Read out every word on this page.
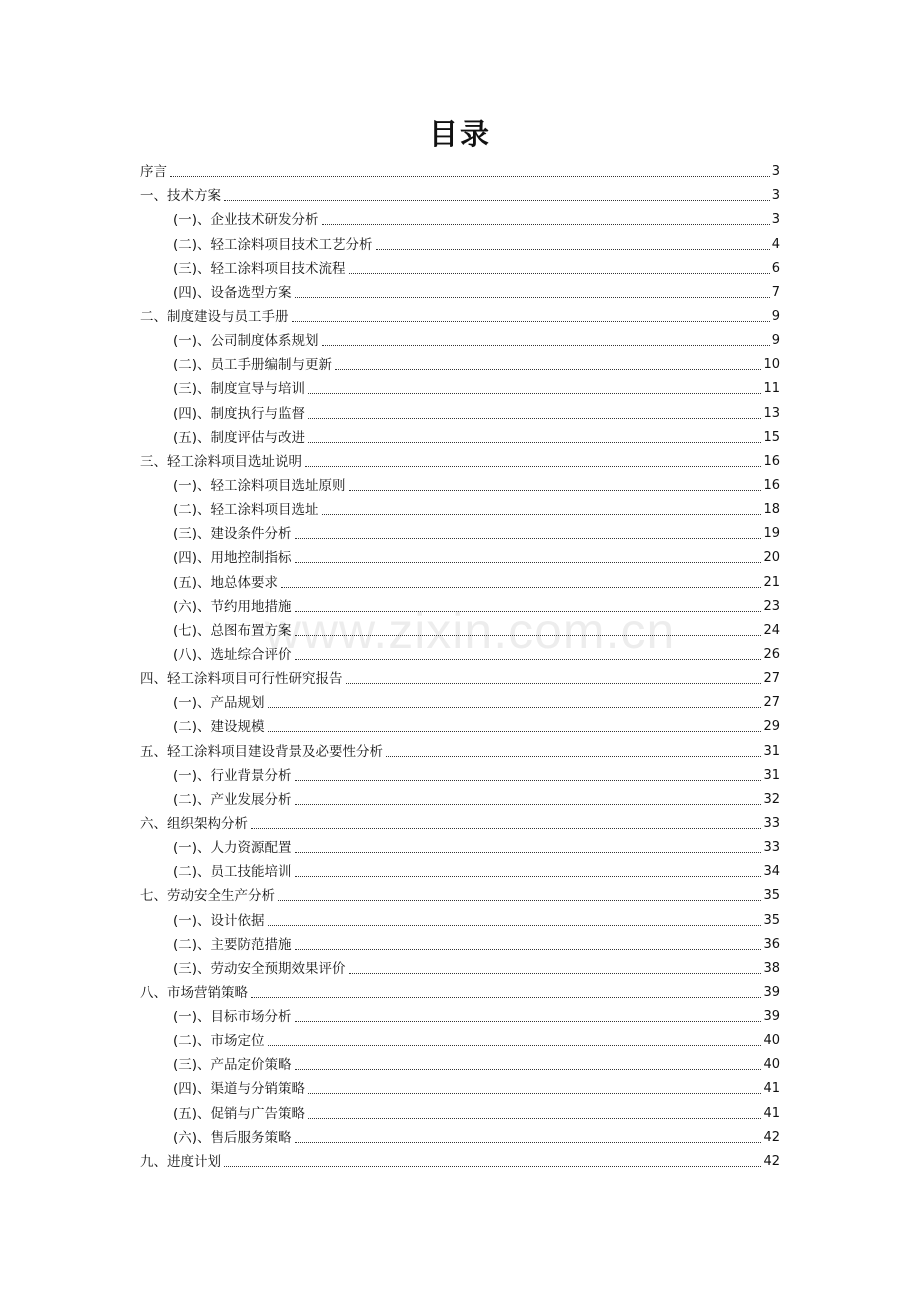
目录
序言	3
一、技术方案	3
(一)、企业技术研发分析	3
(二)、轻工涂料项目技术工艺分析	4
(三)、轻工涂料项目技术流程	6
(四)、设备选型方案	7
二、制度建设与员工手册	9
(一)、公司制度体系规划	9
(二)、员工手册编制与更新	10
(三)、制度宣导与培训	11
(四)、制度执行与监督	13
(五)、制度评估与改进	15
三、轻工涂料项目选址说明	16
(一)、轻工涂料项目选址原则	16
(二)、轻工涂料项目选址	18
(三)、建设条件分析	19
(四)、用地控制指标	20
(五)、地总体要求	21
(六)、节约用地措施	23
(七)、总图布置方案	24
(八)、选址综合评价	26
四、轻工涂料项目可行性研究报告	27
(一)、产品规划	27
(二)、建设规模	29
五、轻工涂料项目建设背景及必要性分析	31
(一)、行业背景分析	31
(二)、产业发展分析	32
六、组织架构分析	33
(一)、人力资源配置	33
(二)、员工技能培训	34
七、劳动安全生产分析	35
(一)、设计依据	35
(二)、主要防范措施	36
(三)、劳动安全预期效果评价	38
八、市场营销策略	39
(一)、目标市场分析	39
(二)、市场定位	40
(三)、产品定价策略	40
(四)、渠道与分销策略	41
(五)、促销与广告策略	41
(六)、售后服务策略	42
九、进度计划	42
www.zixin.com.cn
